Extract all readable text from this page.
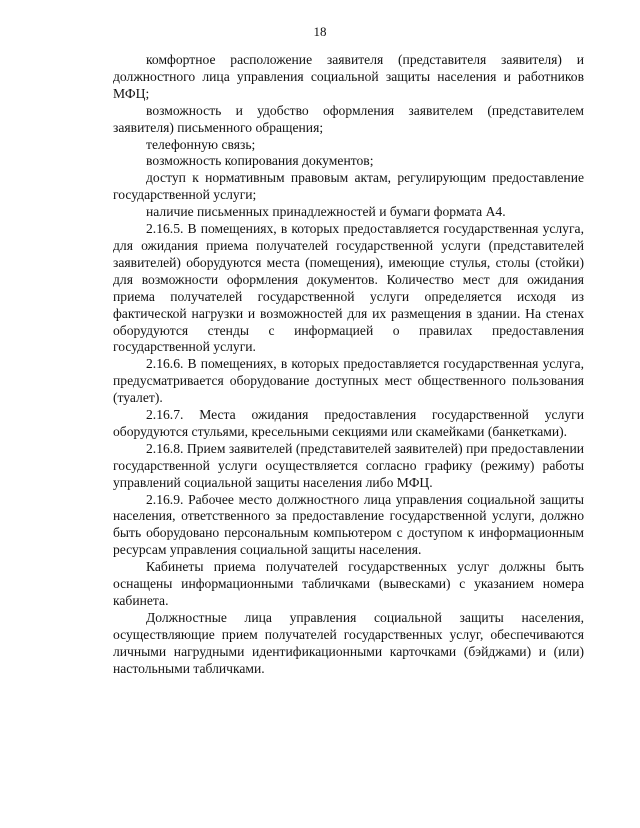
18

комфортное расположение заявителя (представителя заявителя) и должностного лица управления социальной защиты населения и работников МФЦ;

возможность и удобство оформления заявителем (представителем заявителя) письменного обращения;

телефонную связь;

возможность копирования документов;

доступ к нормативным правовым актам, регулирующим предоставление государственной услуги;

наличие письменных принадлежностей и бумаги формата А4.

2.16.5. В помещениях, в которых предоставляется государственная услуга, для ожидания приема получателей государственной услуги (представителей заявителей) оборудуются места (помещения), имеющие стулья, столы (стойки) для возможности оформления документов. Количество мест для ожидания приема получателей государственной услуги определяется исходя из фактической нагрузки и возможностей для их размещения в здании. На стенах оборудуются стенды с информацией о правилах предоставления государственной услуги.

2.16.6. В помещениях, в которых предоставляется государственная услуга, предусматривается оборудование доступных мест общественного пользования (туалет).

2.16.7. Места ожидания предоставления государственной услуги оборудуются стульями, кресельными секциями или скамейками (банкетками).

2.16.8. Прием заявителей (представителей заявителей) при предоставлении государственной услуги осуществляется согласно графику (режиму) работы управлений социальной защиты населения либо МФЦ.

2.16.9. Рабочее место должностного лица управления социальной защиты населения, ответственного за предоставление государственной услуги, должно быть оборудовано персональным компьютером с доступом к информационным ресурсам управления социальной защиты населения.

Кабинеты приема получателей государственных услуг должны быть оснащены информационными табличками (вывесками) с указанием номера кабинета.

Должностные лица управления социальной защиты населения, осуществляющие прием получателей государственных услуг, обеспечиваются личными нагрудными идентификационными карточками (бэйджами) и (или) настольными табличками.
